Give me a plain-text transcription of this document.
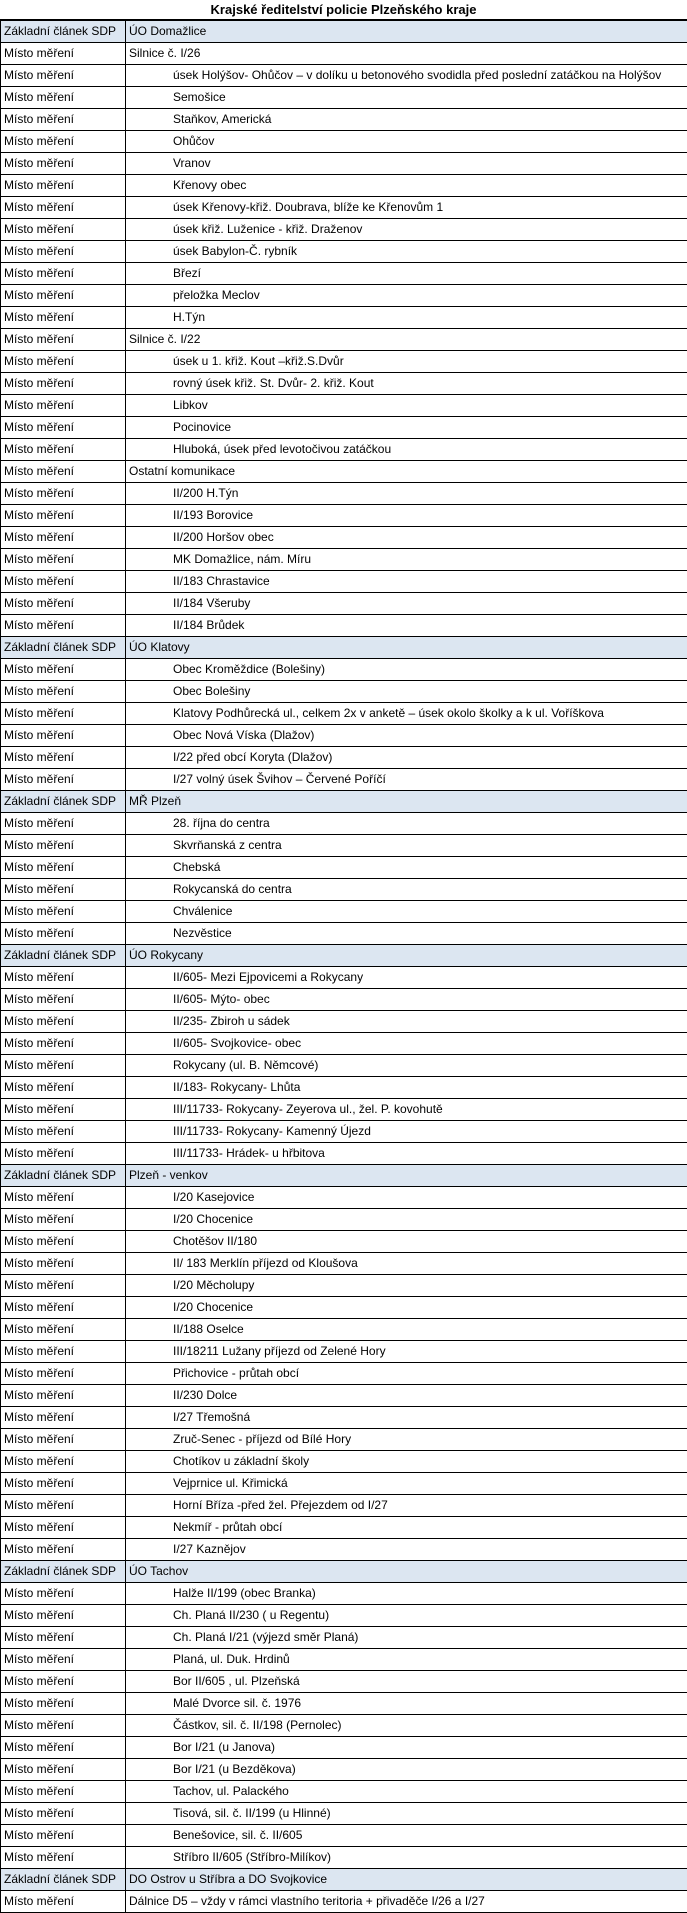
Krajské ředitelství policie Plzeňského kraje
Základní článek SDP	ÚO Domažlice
Místo měření	Silnice č. I/26
Místo měření	úsek Holýšov- Ohůčov – v dolíku u betonového svodidla před poslední zatáčkou na Holýšov
Místo měření	Semošice
Místo měření	Staňkov, Americká
Místo měření	Ohůčov
Místo měření	Vranov
Místo měření	Křenovy obec
Místo měření	úsek Křenovy-křiž. Doubrava, blíže ke Křenovům 1
Místo měření	úsek křiž. Luženice - křiž. Draženov
Místo měření	úsek Babylon-Č. rybník
Místo měření	Březí
Místo měření	přeložka Meclov
Místo měření	H.Týn
Místo měření	Silnice č. I/22
Místo měření	úsek u 1. křiž. Kout –křiž.S.Dvůr
Místo měření	rovný úsek křiž. St. Dvůr- 2. křiž. Kout
Místo měření	Libkov
Místo měření	Pocinovice
Místo měření	Hluboká, úsek před levotočivou zatáčkou
Místo měření	Ostatní komunikace
Místo měření	II/200 H.Týn
Místo měření	II/193 Borovice
Místo měření	II/200 Horšov obec
Místo měření	MK Domažlice, nám. Míru
Místo měření	II/183 Chrastavice
Místo měření	II/184 Všeruby
Místo měření	II/184 Brůdek
Základní článek SDP	ÚO Klatovy
Místo měření	Obec Kroměždice (Bolešiny)
Místo měření	Obec Bolešiny
Místo měření	Klatovy Podhůrecká ul., celkem 2x v anketě – úsek okolo školky a k ul. Voříškova
Místo měření	Obec Nová Víska (Dlažov)
Místo měření	I/22 před obcí Koryta (Dlažov)
Místo měření	I/27 volný úsek Švihov – Červené Poříčí
Základní článek SDP	MŘ Plzeň
Místo měření	28. října do centra
Místo měření	Skvrňanská z centra
Místo měření	Chebská
Místo měření	Rokycanská do centra
Místo měření	Chválenice
Místo měření	Nezvěstice
Základní článek SDP	ÚO Rokycany
Místo měření	II/605- Mezi Ejpovicemi a Rokycany
Místo měření	II/605- Mýto- obec
Místo měření	II/235- Zbiroh u sádek
Místo měření	II/605- Svojkovice- obec
Místo měření	Rokycany (ul. B. Němcové)
Místo měření	II/183- Rokycany- Lhůta
Místo měření	III/11733- Rokycany- Zeyerova ul., žel. P. kovohutě
Místo měření	III/11733- Rokycany- Kamenný Újezd
Místo měření	III/11733- Hrádek- u hřbitova
Základní článek SDP	Plzeň - venkov
Místo měření	I/20 Kasejovice
Místo měření	I/20 Chocenice
Místo měření	Chotěšov II/180
Místo měření	II/ 183 Merklín příjezd od Kloušova
Místo měření	I/20 Měcholupy
Místo měření	I/20 Chocenice
Místo měření	II/188 Oselce
Místo měření	III/18211 Lužany příjezd od Zelené Hory
Místo měření	Přichovice - průtah obcí
Místo měření	II/230 Dolce
Místo měření	I/27 Třemošná
Místo měření	Zruč-Senec - příjezd od Bílé Hory
Místo měření	Chotíkov u základní školy
Místo měření	Vejprnice ul. Křimická
Místo měření	Horní Bříza -před žel. Přejezdem od I/27
Místo měření	Nekmíř - průtah obcí
Místo měření	I/27 Kaznějov
Základní článek SDP	ÚO Tachov
Místo měření	Halže II/199 (obec Branka)
Místo měření	Ch. Planá II/230 ( u Regentu)
Místo měření	Ch. Planá I/21 (výjezd směr Planá)
Místo měření	Planá, ul. Duk. Hrdinů
Místo měření	Bor II/605 , ul. Plzeňská
Místo měření	Malé Dvorce sil. č. 1976
Místo měření	Částkov, sil. č. II/198 (Pernolec)
Místo měření	Bor I/21 (u Janova)
Místo měření	Bor I/21 (u Bezděkova)
Místo měření	Tachov, ul. Palackého
Místo měření	Tisová, sil. č. II/199 (u Hlinné)
Místo měření	Benešovice, sil. č. II/605
Místo měření	Stříbro II/605 (Stříbro-Milíkov)
Základní článek SDP	DO Ostrov u Stříbra a DO Svojkovice
Místo měření	Dálnice D5 – vždy v rámci vlastního teritoria + přivaděče I/26 a I/27
